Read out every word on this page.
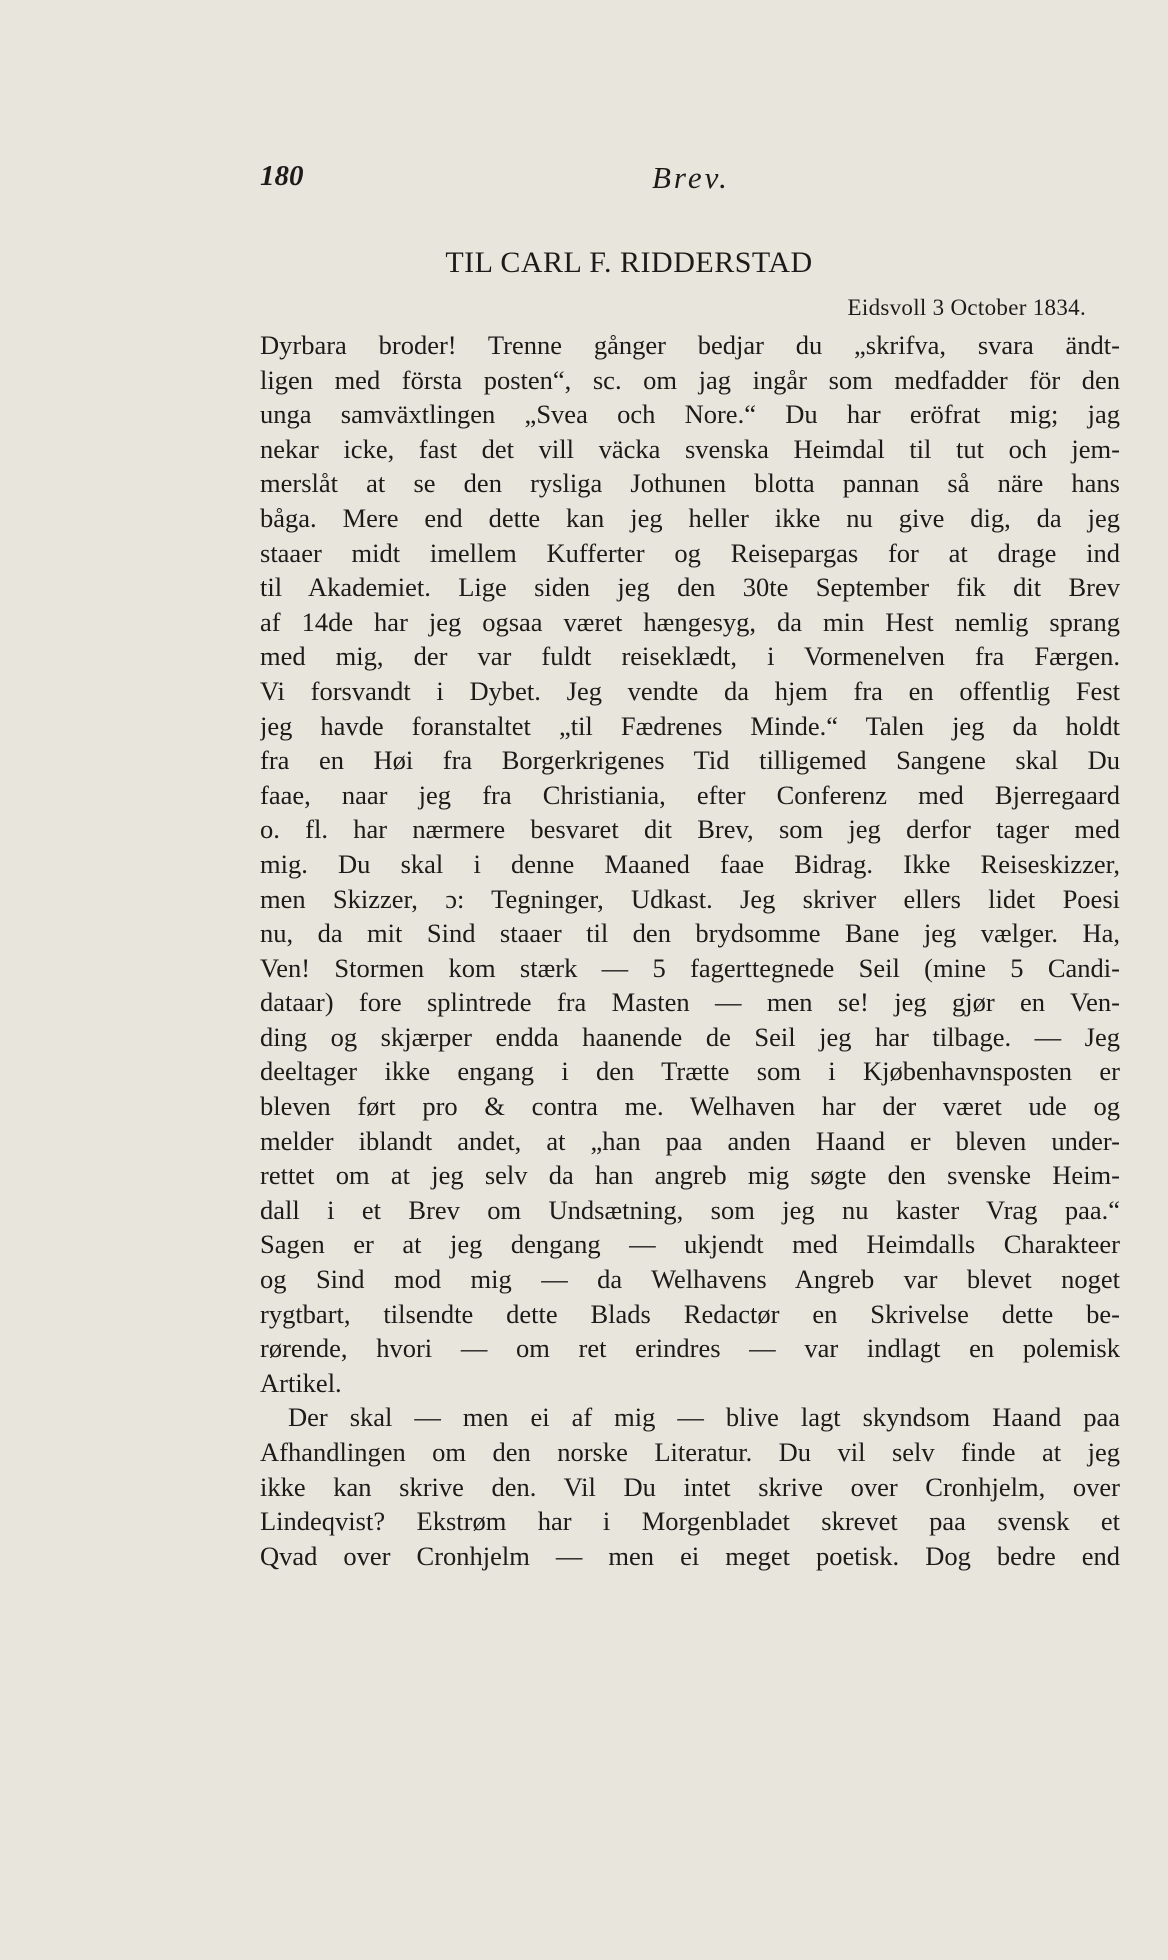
180	Brev.
TIL CARL F. RIDDERSTAD
Eidsvoll 3 October 1834.
Dyrbara broder! Trenne gånger bedjar du „skrifva, svara ändt-
ligen med första posten“, sc. om jag ingår som medfadder för den
unga samväxtlingen „Svea och Nore.“ Du har eröfrat mig; jag
nekar icke, fast det vill väcka svenska Heimdal til tut och jem-
merslåt at se den rysliga Jothunen blotta pannan så näre hans
båga. Mere end dette kan jeg heller ikke nu give dig, da jeg
staaer midt imellem Kufferter og Reisepargas for at drage ind
til Akademiet. Lige siden jeg den 30te September fik dit Brev
af 14de har jeg ogsaa været hængesyg, da min Hest nemlig sprang
med mig, der var fuldt reiseklædt, i Vormenelven fra Færgen.
Vi forsvandt i Dybet. Jeg vendte da hjem fra en offentlig Fest
jeg havde foranstaltet „til Fædrenes Minde.“ Talen jeg da holdt
fra en Høi fra Borgerkrigenes Tid tilligemed Sangene skal Du
faae, naar jeg fra Christiania, efter Conferenz med Bjerregaard
o. fl. har nærmere besvaret dit Brev, som jeg derfor tager med
mig. Du skal i denne Maaned faae Bidrag. Ikke Reiseskizzer,
men Skizzer, ɔ: Tegninger, Udkast. Jeg skriver ellers lidet Poesi
nu, da mit Sind staaer til den brydsomme Bane jeg vælger. Ha,
Ven! Stormen kom stærk — 5 fagerttegnede Seil (mine 5 Candi-
dataar) fore splintrede fra Masten — men se! jeg gjør en Ven-
ding og skjærper endda haanende de Seil jeg har tilbage. — Jeg
deeltager ikke engang i den Trætte som i Kjøbenhavnsposten er
bleven ført pro & contra me. Welhaven har der været ude og
melder iblandt andet, at „han paa anden Haand er bleven under-
rettet om at jeg selv da han angreb mig søgte den svenske Heim-
dall i et Brev om Undsætning, som jeg nu kaster Vrag paa.“
Sagen er at jeg dengang — ukjendt med Heimdalls Charakteer
og Sind mod mig — da Welhavens Angreb var blevet noget
rygtbart, tilsendte dette Blads Redactør en Skrivelse dette be-
rørende, hvori — om ret erindres — var indlagt en polemisk
Artikel.
Der skal — men ei af mig — blive lagt skyndsom Haand paa
Afhandlingen om den norske Literatur. Du vil selv finde at jeg
ikke kan skrive den. Vil Du intet skrive over Cronhjelm, over
Lindeqvist? Ekstrøm har i Morgenbladet skrevet paa svensk et
Qvad over Cronhjelm — men ei meget poetisk. Dog bedre end
